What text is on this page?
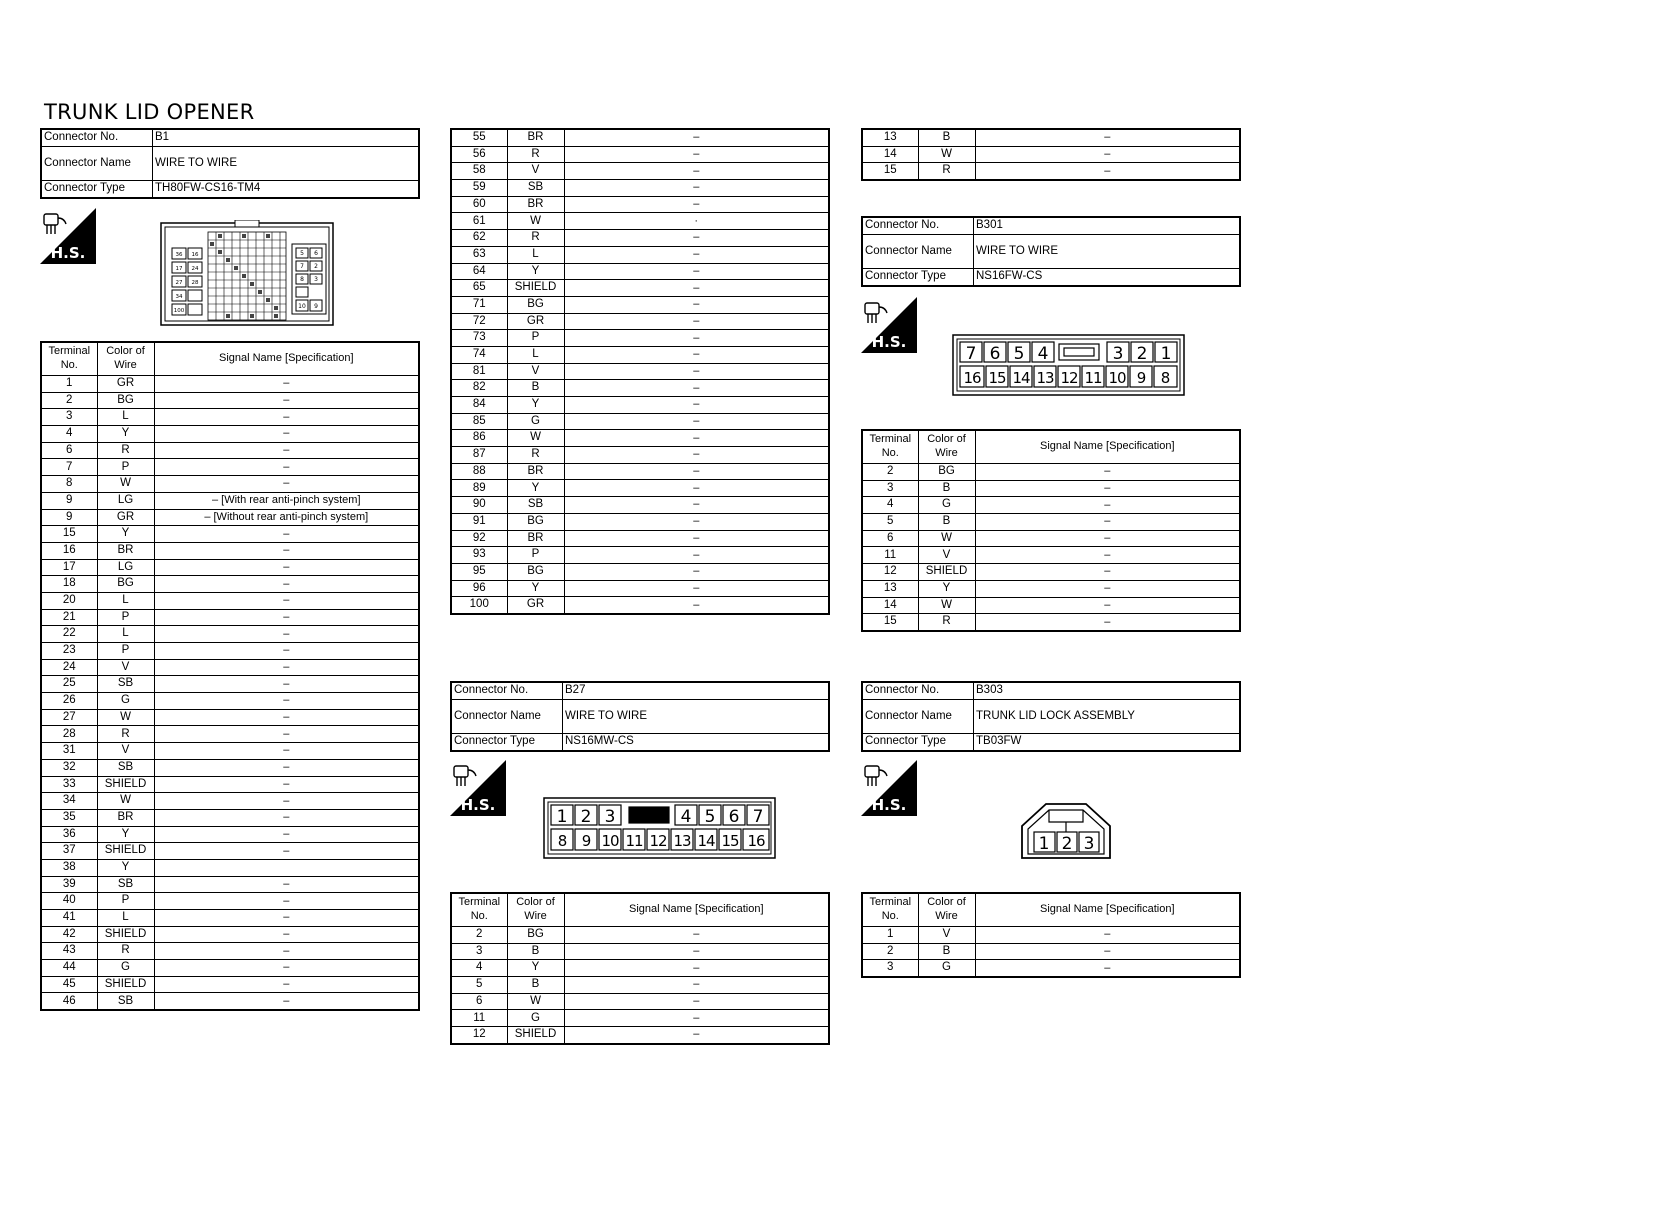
TRUNK LID OPENER
Connector No.	B1
Connector Name	WIRE TO WIRE
Connector Type	TH80FW-CS16-TM4
H.S.	36 16
17 24
27 28
34
100
5 6
7 2
8 3
10 9
Terminal No.	Color of Wire	Signal Name [Specification]
1	GR	–
2	BG	–
3	L	–
4	Y	–
6	R	–
7	P	–
8	W	–
9	LG	– [With rear anti-pinch system]
9	GR	– [Without rear anti-pinch system]
15	Y	–
16	BR	–
17	LG	–
18	BG	–
20	L	–
21	P	–
22	L	–
23	P	–
24	V	–
25	SB	–
26	G	–
27	W	–
28	R	–
31	V	–
32	SB	–
33	SHIELD	–
34	W	–
35	BR	–
36	Y	–
37	SHIELD	–
38	Y	
39	SB	–
40	P	–
41	L	–
42	SHIELD	–
43	R	–
44	G	–
45	SHIELD	–
46	SB	–
55	BR	–
56	R	–
58	V	–
59	SB	–
60	BR	–
61	W	·
62	R	–
63	L	–
64	Y	–
65	SHIELD	–
71	BG	–
72	GR	–
73	P	–
74	L	–
81	V	–
82	B	–
84	Y	–
85	G	–
86	W	–
87	R	–
88	BR	–
89	Y	–
90	SB	–
91	BG	–
92	BR	–
93	P	–
95	BG	–
96	Y	–
100	GR	–
Connector No.	B27
Connector Name	WIRE TO WIRE
Connector Type	NS16MW-CS
H.S.
1 2 3	4 5 6 7
8 9 10 11 12 13 14 15 16
Terminal No.	Color of Wire	Signal Name [Specification]
2	BG	–
3	B	–
4	Y	–
5	B	–
6	W	–
11	G	–
12	SHIELD	–
13	B	–
14	W	–
15	R	–
Connector No.	B301
Connector Name	WIRE TO WIRE
Connector Type	NS16FW-CS
H.S.
7 6 5 4	3 2 1
16 15 14 13 12 11 10 9 8
Terminal No.	Color of Wire	Signal Name [Specification]
2	BG	–
3	B	–
4	G	–
5	B	–
6	W	–
11	V	–
12	SHIELD	–
13	Y	–
14	W	–
15	R	–
Connector No.	B303
Connector Name	TRUNK LID LOCK ASSEMBLY
Connector Type	TB03FW
H.S.
1 2 3
Terminal No.	Color of Wire	Signal Name [Specification]
1	V	–
2	B	–
3	G	–
